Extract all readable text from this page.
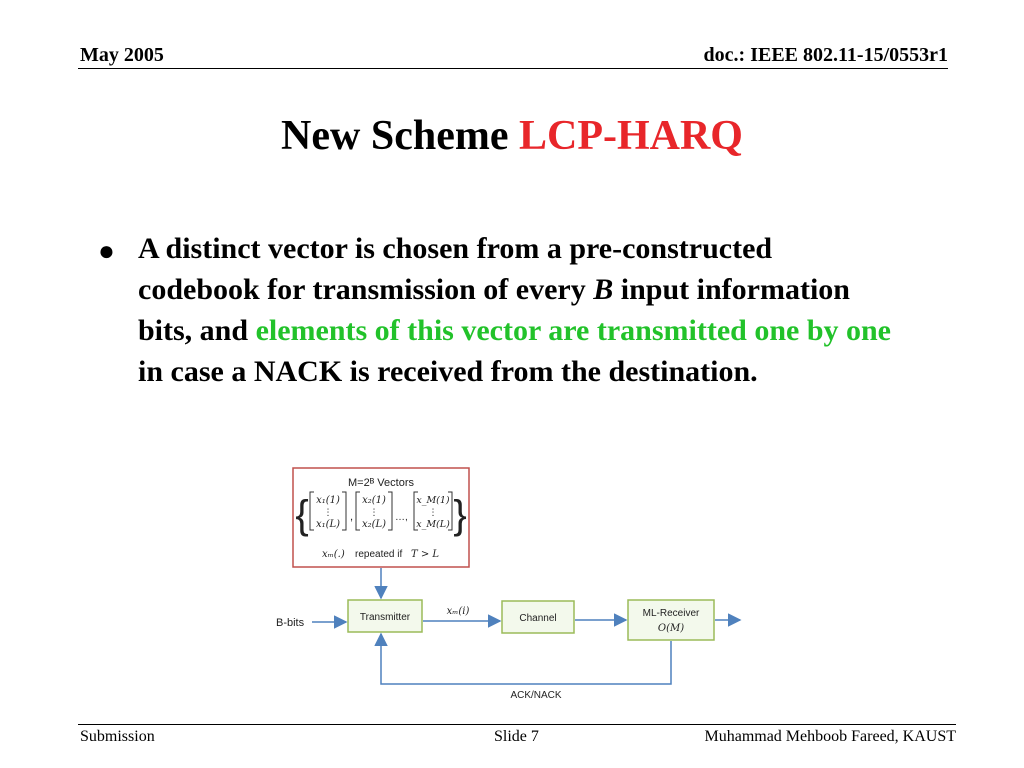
May 2005	doc.: IEEE 802.11-15/0553r1
New Scheme LCP-HARQ
● A distinct vector is chosen from a pre-constructed codebook for transmission of every B input information bits, and elements of this vector are transmitted one by one in case a NACK is received from the destination.
M=2ᴮ Vectors
{	}
x₁(1)
⋮
x₁(L)
,
x₂(1)
⋮
x₂(L)
…,
x_M(1)
⋮
x_M(L)
xₘ(.) repeated if T > L
B-bits	Transmitter
xₘ(i)
Channel	ML-Receiver
O(M)
ACK/NACK
Submission	Slide 7	Muhammad Mehboob Fareed, KAUST
